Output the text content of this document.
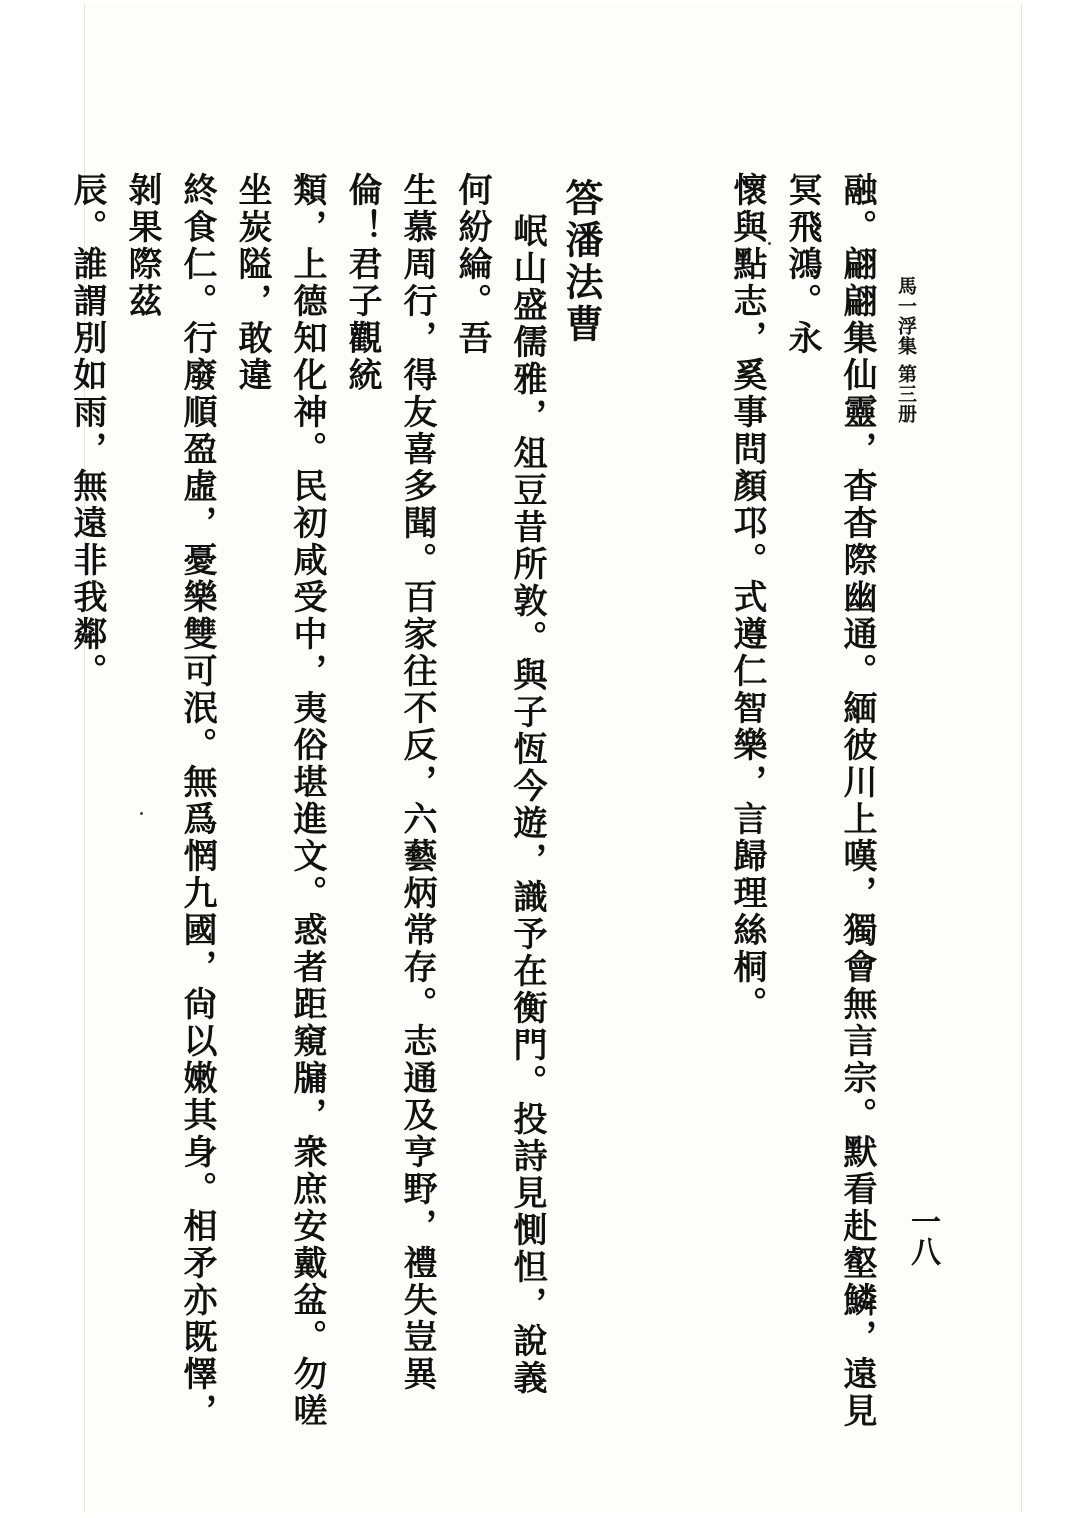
馬一浮集 第三册
一八

融。翩翩集仙靈，杳杳際幽通。緬彼川上嘆，獨會無言宗。默看赴壑鱗，遠見冥飛鴻。永

懷與點志，奚事問顏邛。式遵仁智樂，言歸理絲桐。

答潘法曹

岷山盛儒雅，俎豆昔所敦。與子恆今遊，識予在衡門。投詩見惻怛，說義何紛綸。吾

生慕周行，得友喜多聞。百家往不反，六藝炳常存。志通及亨野，禮失豈異倫！君子觀統

類，上德知化神。民初咸受中，夷俗堪進文。惑者距窺牖，衆庶安戴盆。勿嗟坐炭隘，敢違

終食仁。行廢順盈虛，憂樂雙可泯。無爲惘九國，尙以嫩其身。相矛亦既懌，剝果際茲

辰。誰謂別如雨，無遠非我鄰。
